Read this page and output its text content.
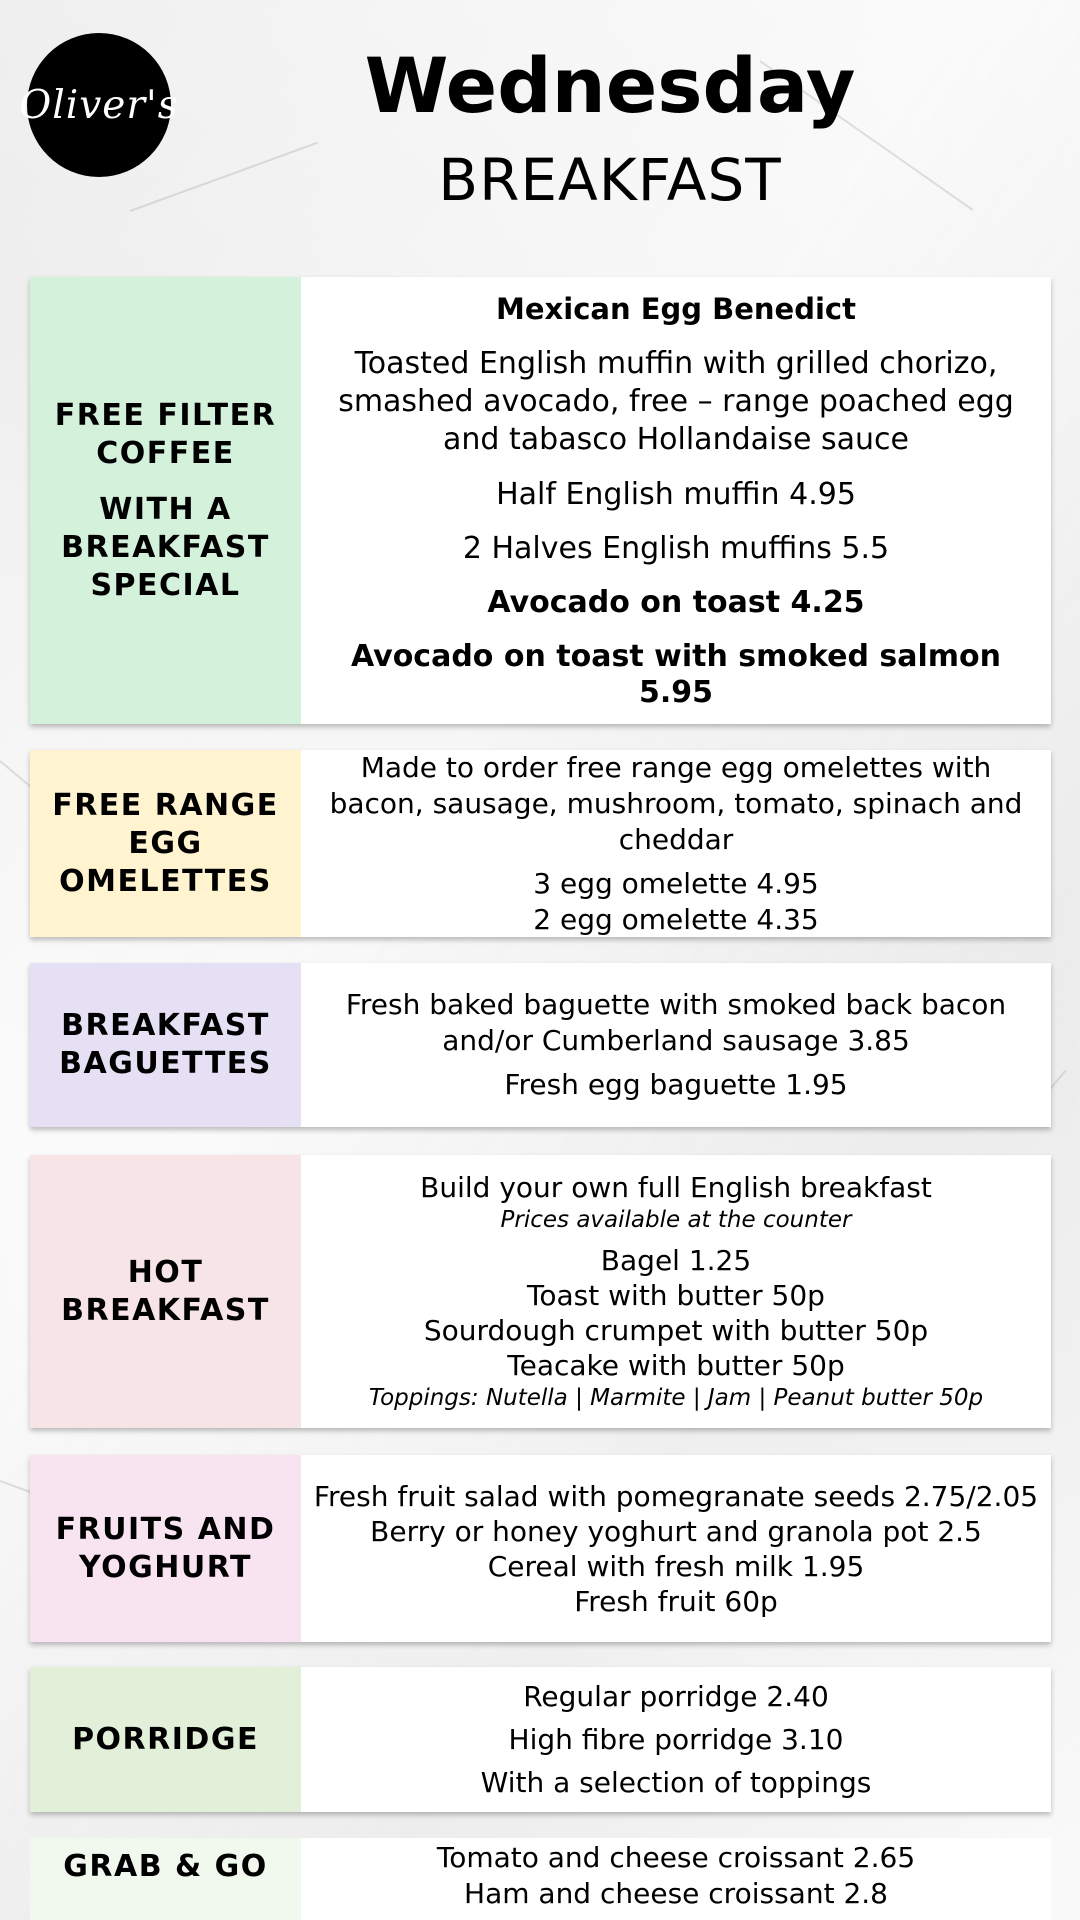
Oliver's	Wednesday
BREAKFAST
FREE FILTER COFFEE
WITH A BREAKFAST SPECIAL
Mexican Egg Benedict
Toasted English muffin with grilled chorizo, smashed avocado, free – range poached egg and tabasco Hollandaise sauce
Half English muffin 4.95
2 Halves English muffins 5.5
Avocado on toast 4.25
Avocado on toast with smoked salmon 5.95
FREE RANGE EGG OMELETTES
Made to order free range egg omelettes with bacon, sausage, mushroom, tomato, spinach and cheddar
3 egg omelette 4.95
2 egg omelette 4.35
BREAKFAST BAGUETTES
Fresh baked baguette with smoked back bacon and/or Cumberland sausage 3.85
Fresh egg baguette 1.95
HOT BREAKFAST
Build your own full English breakfast
Prices available at the counter
Bagel 1.25
Toast with butter 50p
Sourdough crumpet with butter 50p
Teacake with butter 50p
Toppings: Nutella | Marmite | Jam | Peanut butter 50p
FRUITS AND YOGHURT
Fresh fruit salad with pomegranate seeds 2.75/2.05
Berry or honey yoghurt and granola pot 2.5
Cereal with fresh milk 1.95
Fresh fruit 60p
PORRIDGE
Regular porridge 2.40
High fibre porridge 3.10
With a selection of toppings
GRAB & GO	Tomato and cheese croissant 2.65
Ham and cheese croissant 2.8
